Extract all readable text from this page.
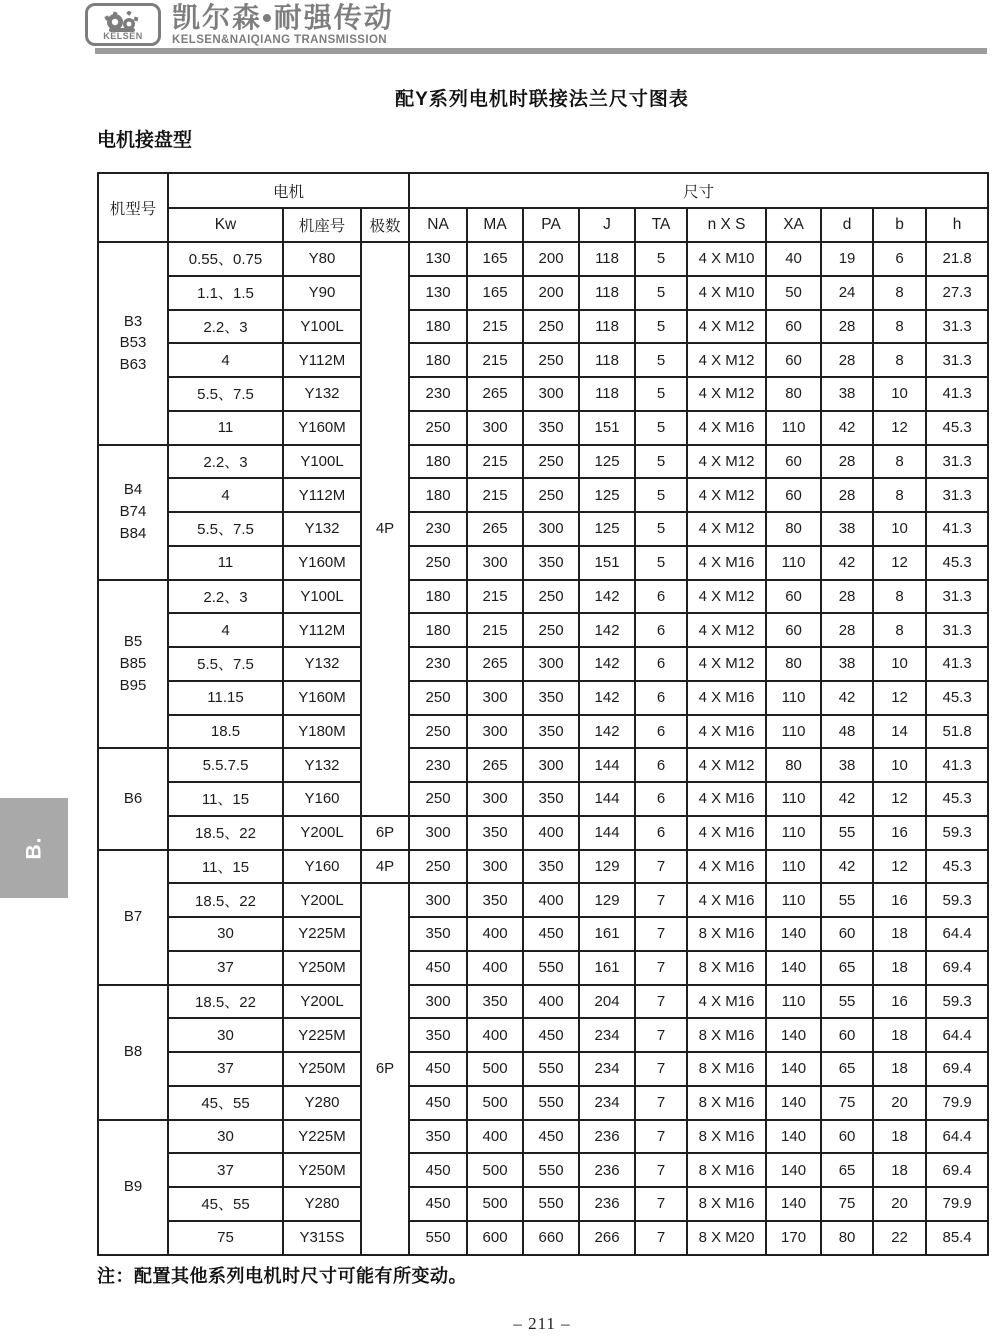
KELSEN
凯尔森•耐强传动
KELSEN&NAIQIANG TRANSMISSION
配Y系列电机时联接法兰尺寸图表
电机接盘型
机型号	电机			尺寸									
	Kw	机座号	极数	NA	MA	PA	J	TA	n X S	XA	d	b	h
B3
B53
B63	0.55、0.75	Y80	4P	130	165	200	118	5	4 X M10	40	19	6	21.8
	1.1、1.5	Y90		130	165	200	118	5	4 X M10	50	24	8	27.3
	2.2、3	Y100L		180	215	250	118	5	4 X M12	60	28	8	31.3
	4	Y112M		180	215	250	118	5	4 X M12	60	28	8	31.3
	5.5、7.5	Y132		230	265	300	118	5	4 X M12	80	38	10	41.3
	11	Y160M		250	300	350	151	5	4 X M16	110	42	12	45.3
B4
B74
B84	2.2、3	Y100L		180	215	250	125	5	4 X M12	60	28	8	31.3
	4	Y112M		180	215	250	125	5	4 X M12	60	28	8	31.3
	5.5、7.5	Y132		230	265	300	125	5	4 X M12	80	38	10	41.3
	11	Y160M		250	300	350	151	5	4 X M16	110	42	12	45.3
B5
B85
B95	2.2、3	Y100L		180	215	250	142	6	4 X M12	60	28	8	31.3
	4	Y112M		180	215	250	142	6	4 X M12	60	28	8	31.3
	5.5、7.5	Y132		230	265	300	142	6	4 X M12	80	38	10	41.3
	11.15	Y160M		250	300	350	142	6	4 X M16	110	42	12	45.3
	18.5	Y180M		250	300	350	142	6	4 X M16	110	48	14	51.8
B6	5.5.7.5	Y132		230	265	300	144	6	4 X M12	80	38	10	41.3
	11、15	Y160		250	300	350	144	6	4 X M16	110	42	12	45.3
	18.5、22	Y200L	6P	300	350	400	144	6	4 X M16	110	55	16	59.3
B7	11、15	Y160	4P	250	300	350	129	7	4 X M16	110	42	12	45.3
	18.5、22	Y200L	6P	300	350	400	129	7	4 X M16	110	55	16	59.3
	30	Y225M		350	400	450	161	7	8 X M16	140	60	18	64.4
	37	Y250M		450	400	550	161	7	8 X M16	140	65	18	69.4
B8	18.5、22	Y200L		300	350	400	204	7	4 X M16	110	55	16	59.3
	30	Y225M		350	400	450	234	7	8 X M16	140	60	18	64.4
	37	Y250M		450	500	550	234	7	8 X M16	140	65	18	69.4
	45、55	Y280		450	500	550	234	7	8 X M16	140	75	20	79.9
B9	30	Y225M		350	400	450	236	7	8 X M16	140	60	18	64.4
	37	Y250M		450	500	550	236	7	8 X M16	140	65	18	69.4
	45、55	Y280		450	500	550	236	7	8 X M16	140	75	20	79.9
	75	Y315S		550	600	660	266	7	8 X M20	170	80	22	85.4
注：配置其他系列电机时尺寸可能有所变动。
– 211 –
B.
